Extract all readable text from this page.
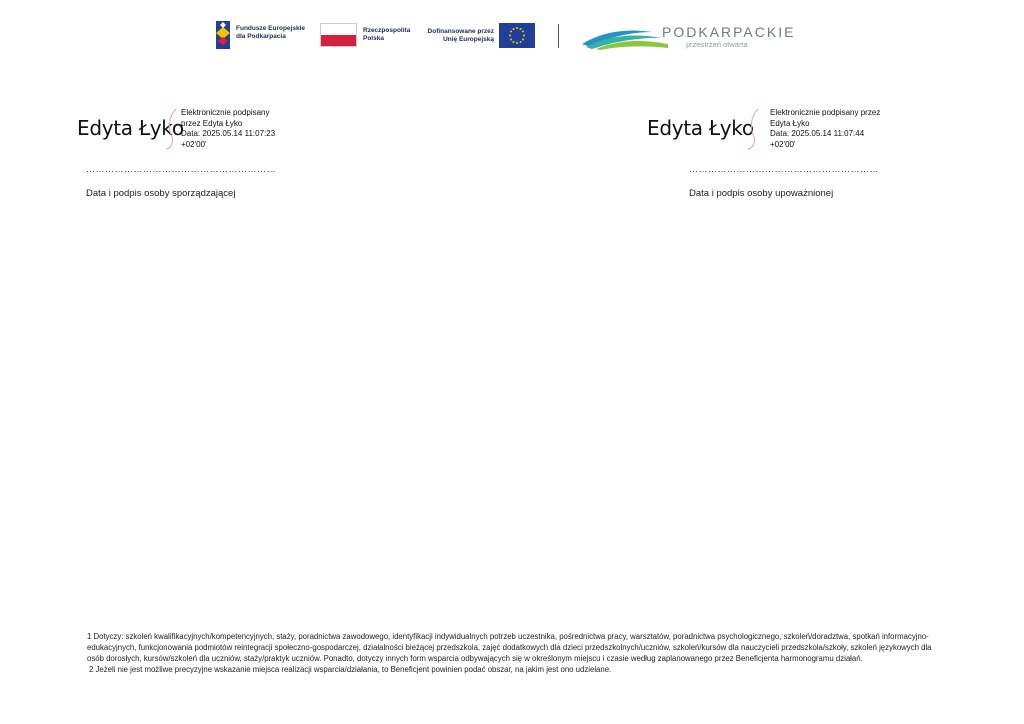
Fundusze Europejskie
dla Podkarpacia
Rzeczpospolita
Polska
Dofinansowane przez
Unię Europejską	PODKARPACKIE
przestrzeń otwarta
Edyta Łyko
Elektronicznie podpisany
przez Edyta Łyko
Data: 2025.05.14 11:07:23
+02'00'
……………………………………………………
Data i podpis osoby sporządzającej
Edyta Łyko
Elektronicznie podpisany przez
Edyta Łyko
Data: 2025.05.14 11:07:44
+02'00'
……………………………………………………
Data i podpis osoby upoważnionej

1 Dotyczy: szkoleń kwalifikacyjnych/kompetencyjnych, staży, poradnictwa zawodowego, identyfikacji indywidualnych potrzeb uczestnika, pośrednictwa pracy, warsztatów, poradnictwa psychologicznego, szkoleń/doradztwa, spotkań informacyjno-edukacyjnych, funkcjonowania podmiotów reintegracji społeczno-gospodarczej, działalności bieżącej przedszkola, zajęć dodatkowych dla dzieci przedszkolnych/uczniów, szkoleń/kursów dla nauczycieli przedszkola/szkoły, szkoleń językowych dla osób dorosłych, kursów/szkoleń dla uczniów, staży/praktyk uczniów. Ponadto, dotyczy innych form wsparcia odbywających się w określonym miejscu i czasie według zaplanowanego przez Beneficjenta harmonogramu działań.

2 Jeżeli nie jest możliwe precyzyjne wskazanie miejsca realizacji wsparcia/działania, to Beneficjent powinien podać obszar, na jakim jest ono udzielane.
